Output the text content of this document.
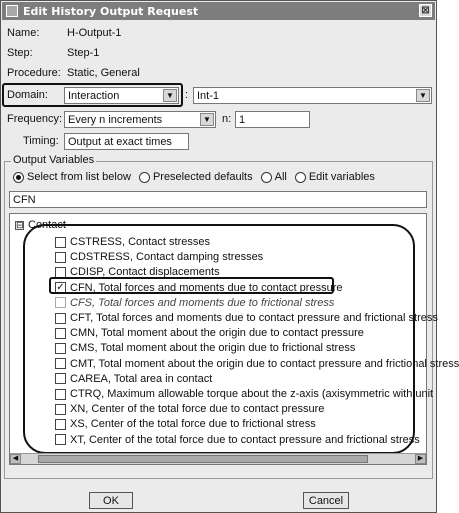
Edit History Output Request	⊠
Name:	H-Output-1
Step:	Step-1
Procedure: Static, General
Domain: Interaction	▼ : Int-1	▼
Frequency: Every n increments	▼ n: 1
Timing: Output at exact times
Output Variables
Select from list below Preselected defaults All Edit variables
CFN
⊟ Contact
CSTRESS, Contact stresses
CDSTRESS, Contact damping stresses
CDISP, Contact displacements
✓ CFN, Total forces and moments due to contact pressure
CFS, Total forces and moments due to frictional stress
CFT, Total forces and moments due to contact pressure and frictional stress
CMN, Total moment about the origin due to contact pressure
CMS, Total moment about the origin due to frictional stress
CMT, Total moment about the origin due to contact pressure and frictional stress
CAREA, Total area in contact
CTRQ, Maximum allowable torque about the z-axis (axisymmetric with unit
XN, Center of the total force due to contact pressure
XS, Center of the total force due to frictional stress
XT, Center of the total force due to contact pressure and frictional stress
◀	▶
OK	Cancel
